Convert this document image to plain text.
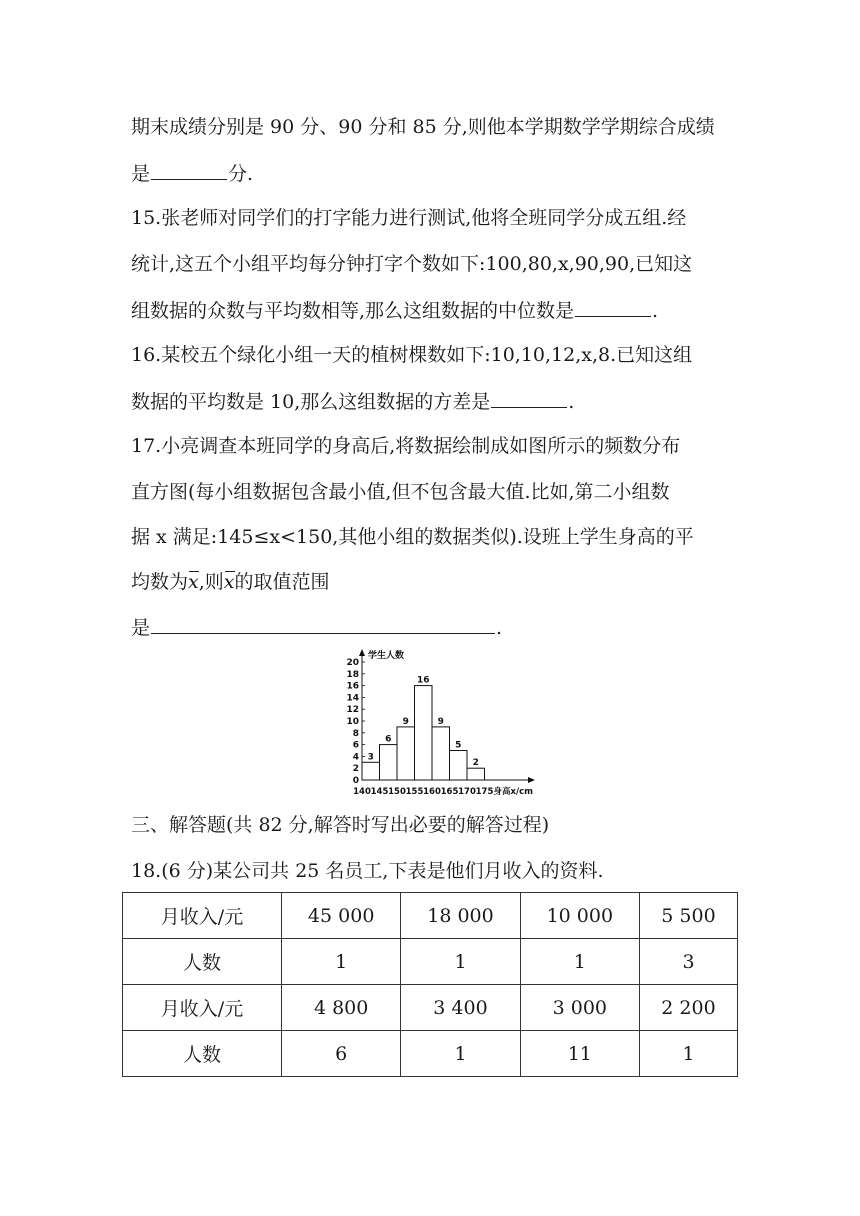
期末成绩分别是 90 分、90 分和 85 分,则他本学期数学学期综合成绩
是	分.
15.张老师对同学们的打字能力进行测试,他将全班同学分成五组.经
统计,这五个小组平均每分钟打字个数如下:100,80,x,90,90,已知这
组数据的众数与平均数相等,那么这组数据的中位数是	.
16.某校五个绿化小组一天的植树棵数如下:10,10,12,x,8.已知这组
数据的平均数是 10,那么这组数据的方差是	.
17.小亮调查本班同学的身高后,将数据绘制成如图所示的频数分布
直方图(每小组数据包含最小值,但不包含最大值.比如,第二小组数
据 x 满足:145≤x<150,其他小组的数据类似).设班上学生身高的平
均数为x,则x的取值范围
是	.
0
2
4
6
8
10
12
14
16
18
20
学生人数
身高x/cm
3
6
9
16
9
5
2
140 145 150 155 160 165 170 175
三、解答题(共 82 分,解答时写出必要的解答过程)
18.(6 分)某公司共 25 名员工,下表是他们月收入的资料.
月收入/元	45 000	18 000	10 000	5 500
人数	1	1	1	3
月收入/元	4 800	3 400	3 000	2 200
人数	6	1	11	1
